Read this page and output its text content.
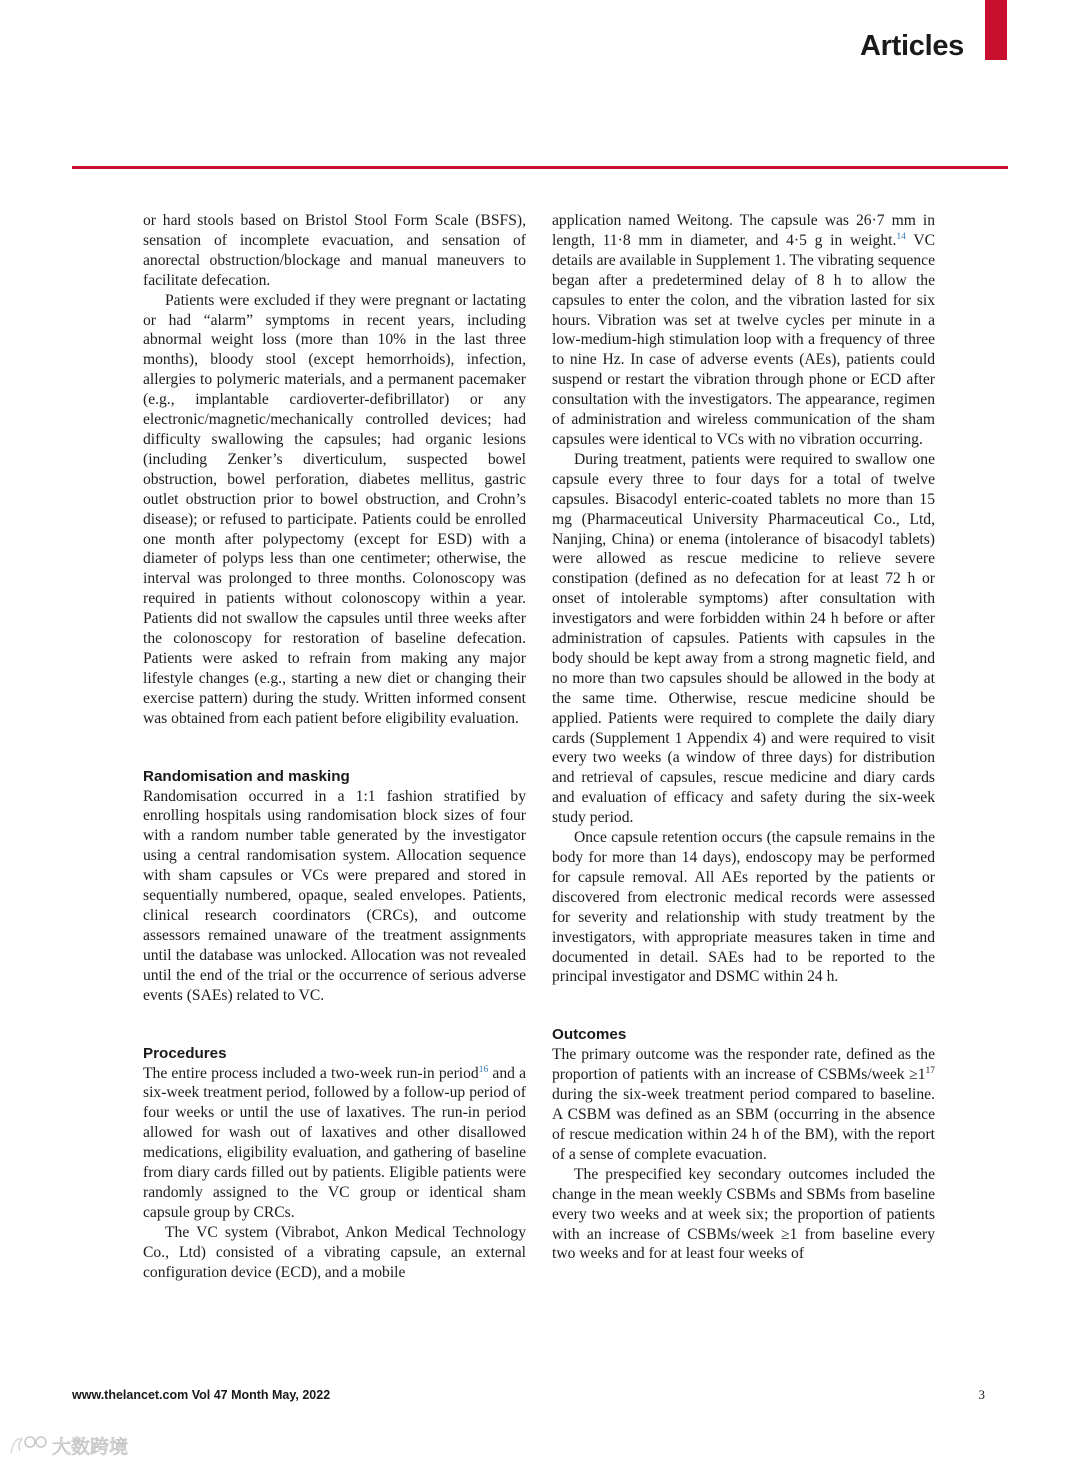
Articles

or hard stools based on Bristol Stool Form Scale (BSFS), sensation of incomplete evacuation, and sensation of anorectal obstruction/blockage and manual maneuvers to facilitate defecation.

Patients were excluded if they were pregnant or lactating or had “alarm” symptoms in recent years, including abnormal weight loss (more than 10% in the last three months), bloody stool (except hemorrhoids), infection, allergies to polymeric materials, and a permanent pacemaker (e.g., implantable cardioverter-defibrillator) or any electronic/magnetic/mechanically controlled devices; had difficulty swallowing the capsules; had organic lesions (including Zenker’s diverticulum, suspected bowel obstruction, bowel perforation, diabetes mellitus, gastric outlet obstruction prior to bowel obstruction, and Crohn’s disease); or refused to participate. Patients could be enrolled one month after polypectomy (except for ESD) with a diameter of polyps less than one centimeter; otherwise, the interval was prolonged to three months. Colonoscopy was required in patients without colonoscopy within a year. Patients did not swallow the capsules until three weeks after the colonoscopy for restoration of baseline defecation. Patients were asked to refrain from making any major lifestyle changes (e.g., starting a new diet or changing their exercise pattern) during the study. Written informed consent was obtained from each patient before eligibility evaluation.

Randomisation and masking

Randomisation occurred in a 1:1 fashion stratified by enrolling hospitals using randomisation block sizes of four with a random number table generated by the investigator using a central randomisation system. Allocation sequence with sham capsules or VCs were prepared and stored in sequentially numbered, opaque, sealed envelopes. Patients, clinical research coordinators (CRCs), and outcome assessors remained unaware of the treatment assignments until the database was unlocked. Allocation was not revealed until the end of the trial or the occurrence of serious adverse events (SAEs) related to VC.

Procedures

The entire process included a two-week run-in period$^{16}$ and a six-week treatment period, followed by a follow-up period of four weeks or until the use of laxatives. The run-in period allowed for wash out of laxatives and other disallowed medications, eligibility evaluation, and gathering of baseline from diary cards filled out by patients. Eligible patients were randomly assigned to the VC group or identical sham capsule group by CRCs.

The VC system (Vibrabot, Ankon Medical Technology Co., Ltd) consisted of a vibrating capsule, an external configuration device (ECD), and a mobile

application named Weitong. The capsule was 26·7 mm in length, 11·8 mm in diameter, and 4·5 g in weight.$^{14}$ VC details are available in Supplement 1. The vibrating sequence began after a predetermined delay of 8 h to allow the capsules to enter the colon, and the vibration lasted for six hours. Vibration was set at twelve cycles per minute in a low-medium-high stimulation loop with a frequency of three to nine Hz. In case of adverse events (AEs), patients could suspend or restart the vibration through phone or ECD after consultation with the investigators. The appearance, regimen of administration and wireless communication of the sham capsules were identical to VCs with no vibration occurring.

During treatment, patients were required to swallow one capsule every three to four days for a total of twelve capsules. Bisacodyl enteric-coated tablets no more than 15 mg (Pharmaceutical University Pharmaceutical Co., Ltd, Nanjing, China) or enema (intolerance of bisacodyl tablets) were allowed as rescue medicine to relieve severe constipation (defined as no defecation for at least 72 h or onset of intolerable symptoms) after consultation with investigators and were forbidden within 24 h before or after administration of capsules. Patients with capsules in the body should be kept away from a strong magnetic field, and no more than two capsules should be allowed in the body at the same time. Otherwise, rescue medicine should be applied. Patients were required to complete the daily diary cards (Supplement 1 Appendix 4) and were required to visit every two weeks (a window of three days) for distribution and retrieval of capsules, rescue medicine and diary cards and evaluation of efficacy and safety during the six-week study period.

Once capsule retention occurs (the capsule remains in the body for more than 14 days), endoscopy may be performed for capsule removal. All AEs reported by the patients or discovered from electronic medical records were assessed for severity and relationship with study treatment by the investigators, with appropriate measures taken in time and documented in detail. SAEs had to be reported to the principal investigator and DSMC within 24 h.

Outcomes

The primary outcome was the responder rate, defined as the proportion of patients with an increase of CSBMs/week $\ge 1^{17}$ during the six-week treatment period compared to baseline. A CSBM was defined as an SBM (occurring in the absence of rescue medication within 24 h of the BM), with the report of a sense of complete evacuation.

The prespecified key secondary outcomes included the change in the mean weekly CSBMs and SBMs from baseline every two weeks and at week six; the proportion of patients with an increase of CSBMs/week ≥1 from baseline every two weeks and for at least four weeks of

www.thelancet.com Vol 47 Month May, 2022	3
大数跨境
